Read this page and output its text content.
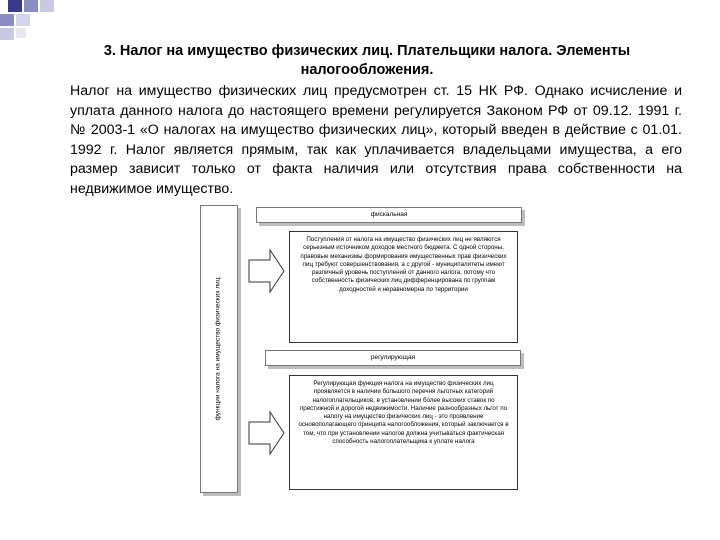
3. Налог на имущество физических лиц. Плательщики налога. Элементы налогообложения.
Налог на имущество физических лиц предусмотрен ст. 15 НК РФ. Однако исчисление и уплата данного налога до настоящего времени регулируется Законом РФ от 09.12. 1991 г. № 2003-1 «О налогах на имущество физических лиц», который введен в действие с 01.01. 1992 г. Налог является прямым, так как уплачивается владельцами имущества, а его размер зависит только от факта наличия или отсутствия права собственности на недвижимое имущество.
функции налога на имущество физических лиц
фискальная
Поступления от налога на имущество физических лиц не являются серьезным источником доходов местного бюджета. С одной стороны, правовые механизмы формирования имущественных прав физических лиц требуют совершенствования, а с другой - муниципалитеты имеют различный уровень поступлений от данного налога, потому что собственность физических лиц дифференцирована по группам доходностей и неравномерна по территории
регулирующая
Регулирующая функция налога на имущество физических лиц проявляется в наличии большого перечня льготных категорий налогоплательщиков, в установлении более высоких ставок по престижной и дорогой недвижимости. Наличие разнообразных льгот по налогу на имущество физических лиц - это проявление основополагающего принципа налогообложения, который заключается в том, что при установлении налогов должна учитываться фактическая способность налогоплательщика к уплате налога
